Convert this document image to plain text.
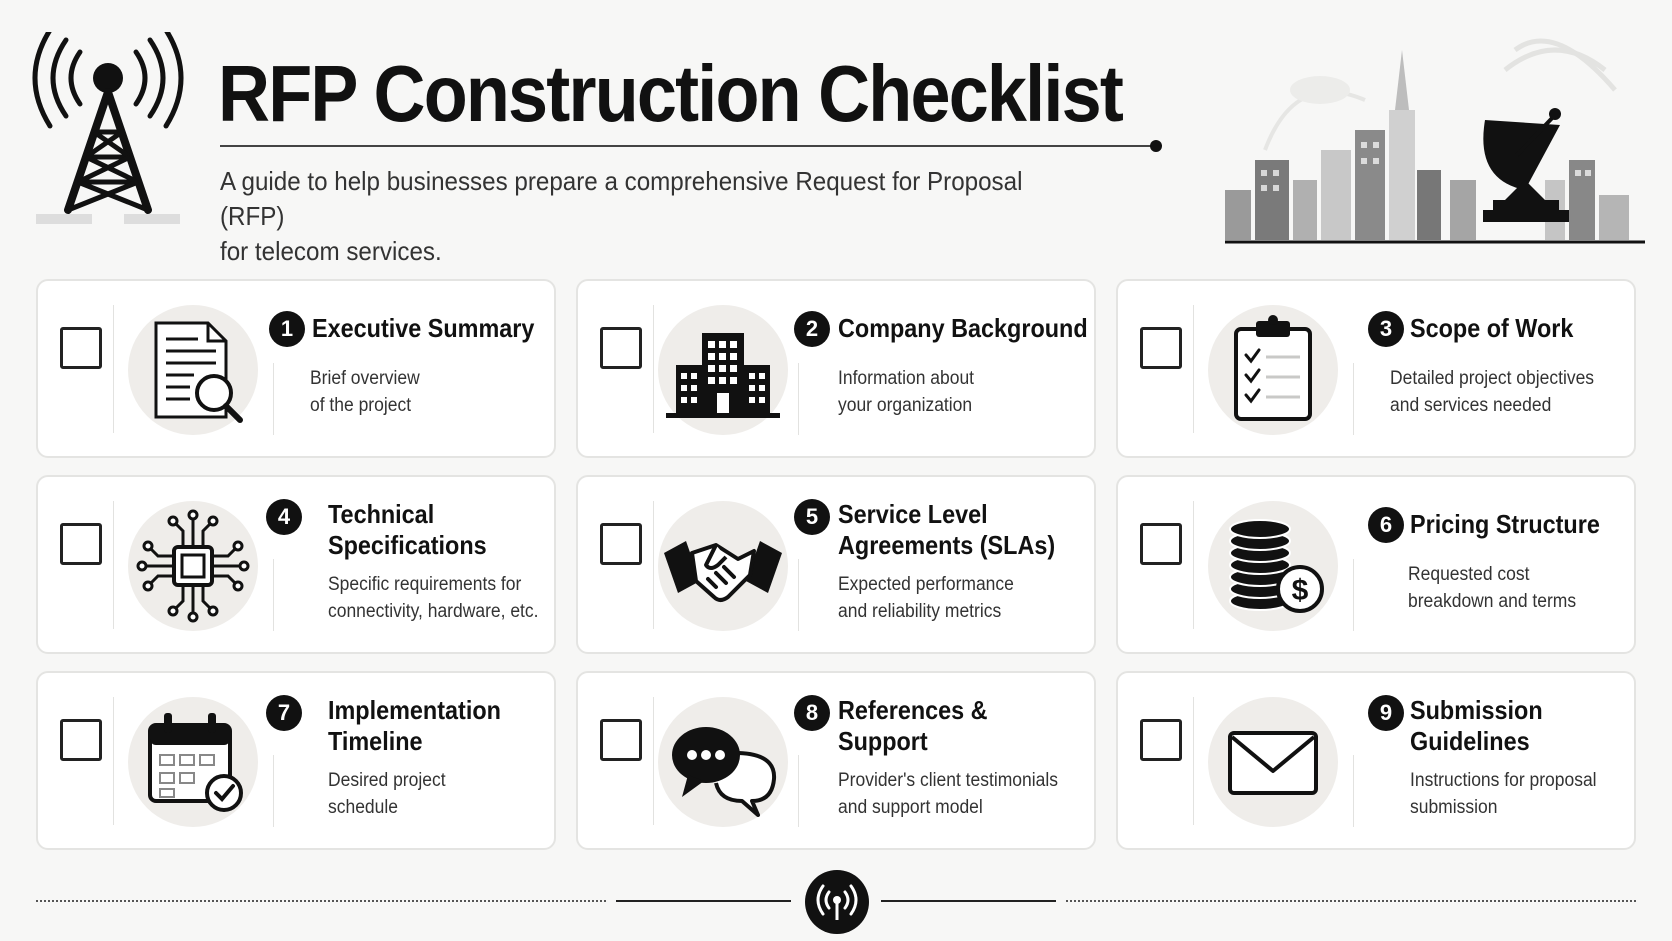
RFP Construction Checklist
A guide to help businesses prepare a comprehensive Request for Proposal (RFP)
for telecom services.
1 Executive Summary
Brief overview
of the project
2 Company Background
Information about
your organization
3 Scope of Work
Detailed project objectives
and services needed
4	Technical
Specifications
Specific requirements for
connectivity, hardware, etc.
5 Service Level
Agreements (SLAs)
Expected performance
and reliability metrics
$
6 Pricing Structure
Requested cost
breakdown and terms
7	Implementation
Timeline
Desired project
schedule
8 References &
Support
Provider's client testimonials
and support model
9 Submission
Guidelines
Instructions for proposal
submission
